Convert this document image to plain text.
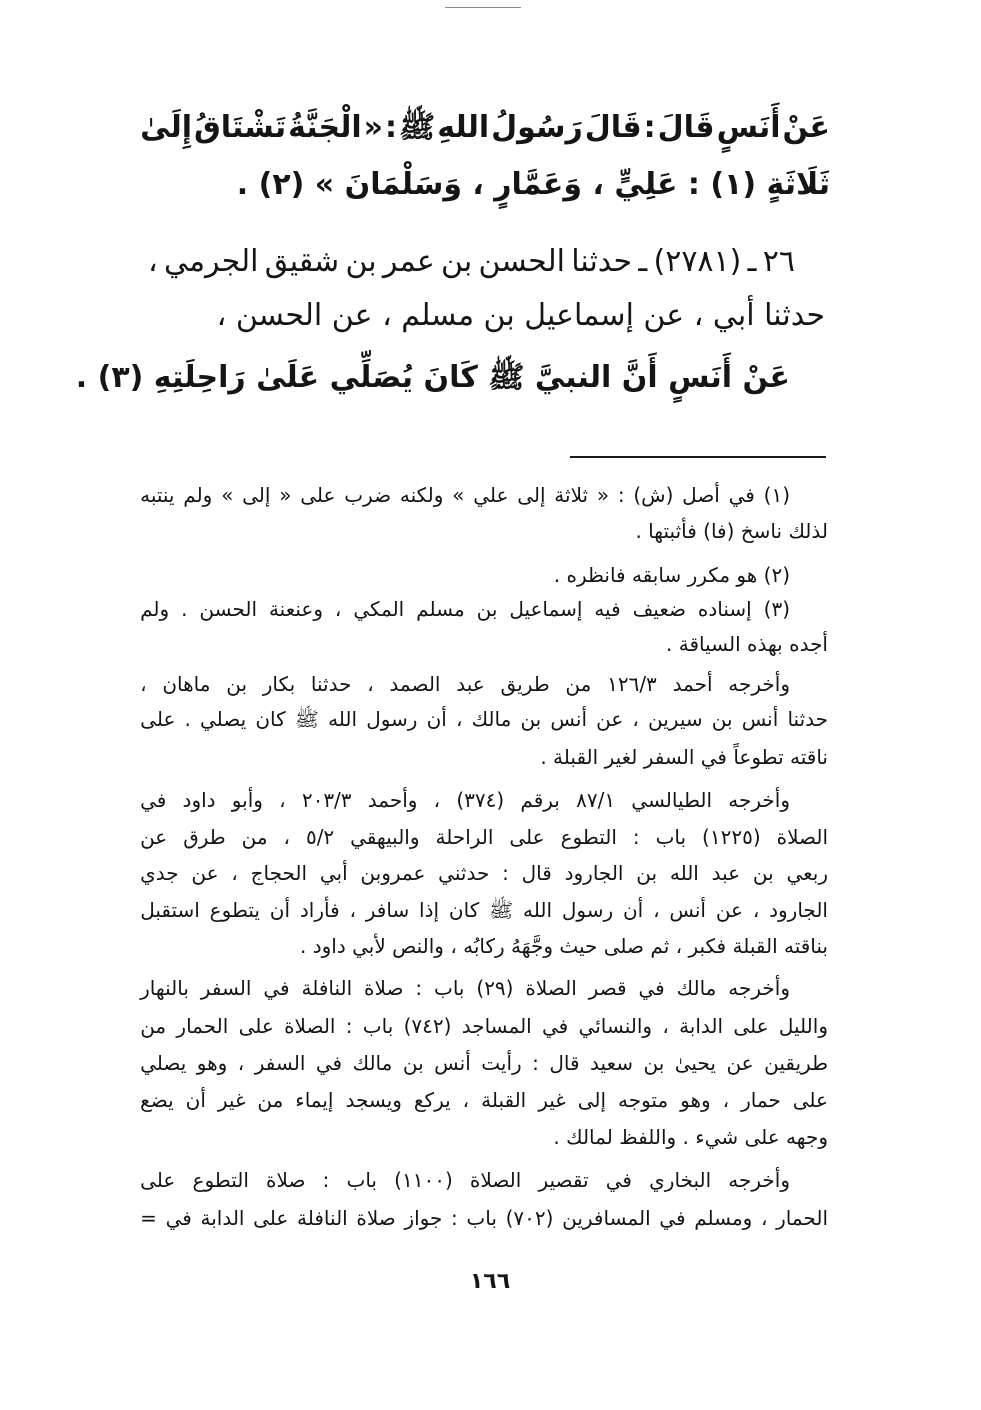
عَنْ
أَنَسٍ
قَالَ
:
قَالَ
رَسُولُ
اللهِ
ﷺ
:
«
الْجَنَّةُ
تَشْتَاقُ
إِلَىٰ
ثَلَاثَةٍ (١) : عَلِيٍّ ، وَعَمَّارٍ ، وَسَلْمَانَ » (٢) .
٢٦
ـ
(٢٧٨١)
ـ
حدثنا
الحسن
بن
عمر
بن
شقيق
الجرمي
،
حدثنا أبي ، عن إسماعيل بن مسلم ، عن الحسن ،
عَنْ أَنَسٍ أَنَّ النبيَّ ﷺ كَانَ يُصَلِّي عَلَىٰ رَاحِلَتِهِ (٣) .
(١)
في
أصل
(ش)
:
«
ثلاثة
إلى
علي
»
ولكنه
ضرب
على
«
إلى
»
ولم
ينتبه
لذلك ناسخ (فا) فأثبتها .
(٢) هو مكرر سابقه فانظره .
(٣)
إسناده
ضعيف
فيه
إسماعيل
بن
مسلم
المكي
،
وعنعنة
الحسن
.
ولم
أجده بهذه السياقة .
وأخرجه
أحمد
١٢٦/٣
من
طريق
عبد
الصمد
،
حدثنا
بكار
بن
ماهان
،
حدثنا
أنس
بن
سيرين
،
عن
أنس
بن
مالك
،
أن
رسول
الله
ﷺ
كان
يصلي
.
على
ناقته تطوعاً في السفر لغير القبلة .
وأخرجه
الطيالسي
٨٧/١
برقم
(٣٧٤)
،
وأحمد
٢٠٣/٣
،
وأبو
داود
في
الصلاة
(١٢٢٥)
باب
:
التطوع
على
الراحلة
والبيهقي
٥/٢
،
من
طرق
عن
ربعي
بن
عبد
الله
بن
الجارود
قال
:
حدثني
عمروبن
أبي
الحجاج
،
عن
جدي
الجارود
،
عن
أنس
،
أن
رسول
الله
ﷺ
كان
إذا
سافر
،
فأراد
أن
يتطوع
استقبل
بناقته القبلة فكبر ، ثم صلى حيث وجَّهَهُ ركابُه ، والنص لأبي داود .
وأخرجه
مالك
في
قصر
الصلاة
(٢٩)
باب
:
صلاة
النافلة
في
السفر
بالنهار
والليل
على
الدابة
،
والنسائي
في
المساجد
(٧٤٢)
باب
:
الصلاة
على
الحمار
من
طريقين
عن
يحيىٰ
بن
سعيد
قال
:
رأيت
أنس
بن
مالك
في
السفر
،
وهو
يصلي
على
حمار
،
وهو
متوجه
إلى
غير
القبلة
،
يركع
ويسجد
إيماء
من
غير
أن
يضع
وجهه على شيء . واللفظ لمالك .
وأخرجه
البخاري
في
تقصير
الصلاة
(١١٠٠)
باب
:
صلاة
التطوع
على
الحمار
،
ومسلم
في
المسافرين
(٧٠٢)
باب
:
جواز
صلاة
النافلة
على
الدابة
في
=
١٦٦
